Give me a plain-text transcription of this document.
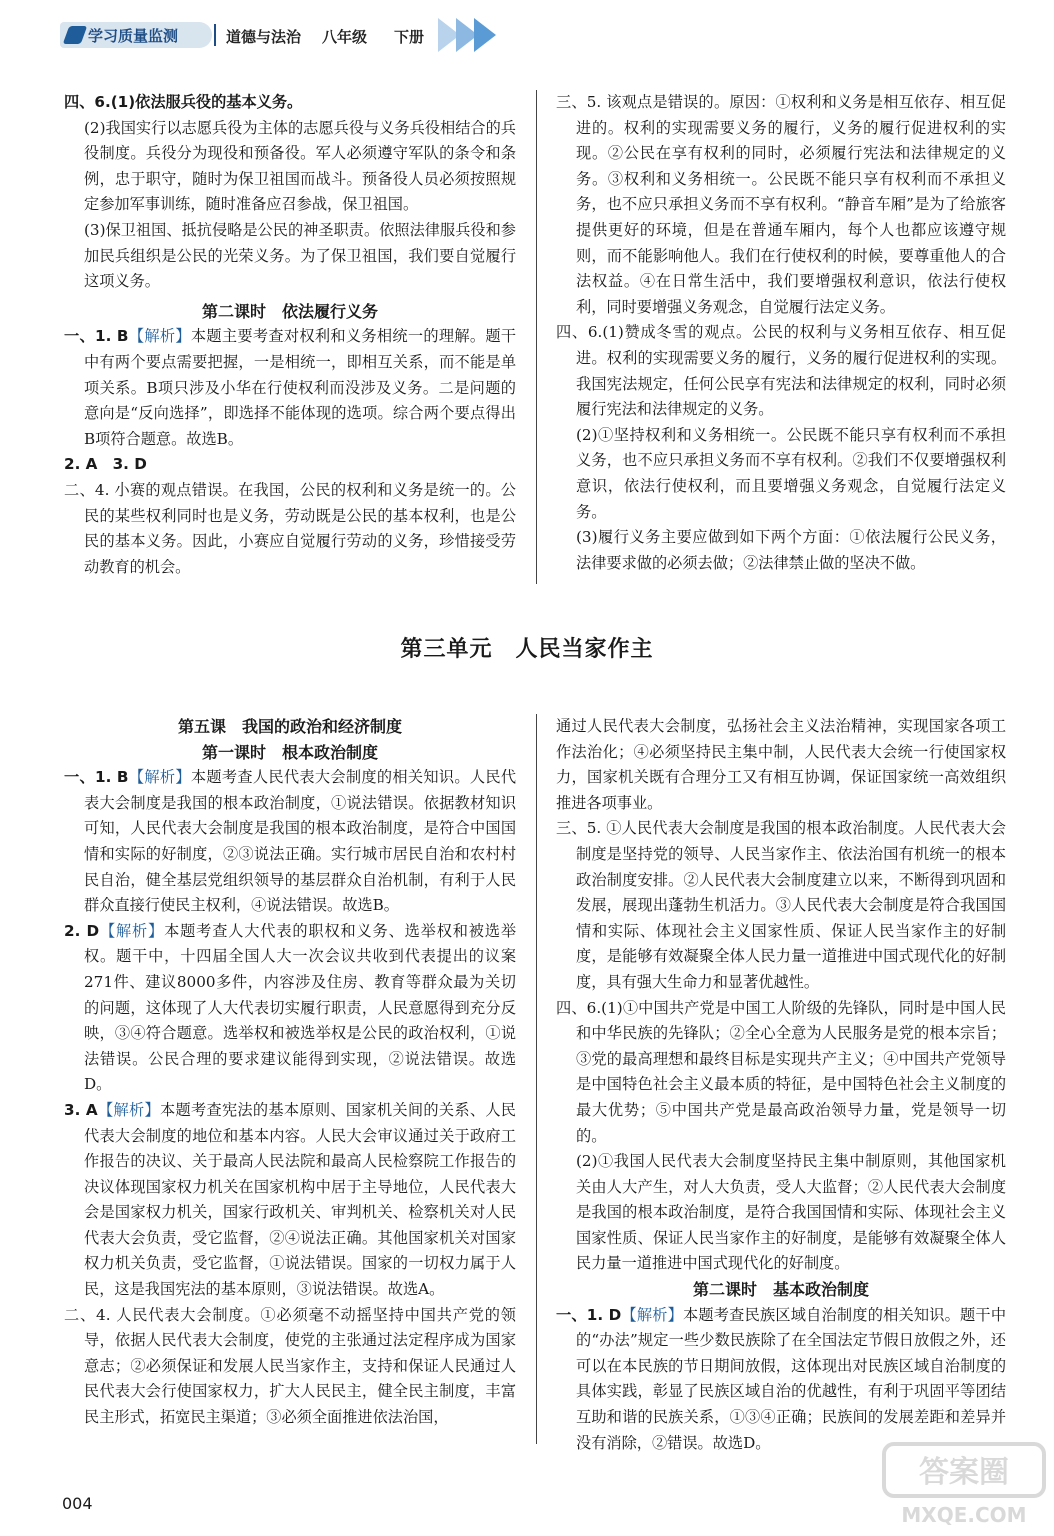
学习质量监测	道德与法治 八年级 下册

四、6.(1)依法服兵役的基本义务。

(2)我国实行以志愿兵役为主体的志愿兵役与义务兵役相结合的兵役制度。兵役分为现役和预备役。军人必须遵守军队的条令和条例，忠于职守，随时为保卫祖国而战斗。预备役人员必须按照规定参加军事训练，随时准备应召参战，保卫祖国。

(3)保卫祖国、抵抗侵略是公民的神圣职责。依照法律服兵役和参加民兵组织是公民的光荣义务。为了保卫祖国，我们要自觉履行这项义务。

第二课时　依法履行义务

一、1. B【解析】本题主要考查对权利和义务相统一的理解。题干中有两个要点需要把握，一是相统一，即相互关系，而不能是单项关系。B项只涉及小华在行使权利而没涉及义务。二是问题的意向是“反向选择”，即选择不能体现的选项。综合两个要点得出B项符合题意。故选B。

2. A　3. D

二、4. 小赛的观点错误。在我国，公民的权利和义务是统一的。公民的某些权利同时也是义务，劳动既是公民的基本权利，也是公民的基本义务。因此，小赛应自觉履行劳动的义务，珍惜接受劳动教育的机会。

三、5. 该观点是错误的。原因：①权利和义务是相互依存、相互促进的。权利的实现需要义务的履行，义务的履行促进权利的实现。②公民在享有权利的同时，必须履行宪法和法律规定的义务。③权利和义务相统一。公民既不能只享有权利而不承担义务，也不应只承担义务而不享有权利。“静音车厢”是为了给旅客提供更好的环境，但是在普通车厢内，每个人也都应该遵守规则，而不能影响他人。我们在行使权利的时候，要尊重他人的合法权益。④在日常生活中，我们要增强权利意识，依法行使权利，同时要增强义务观念，自觉履行法定义务。

四、6.(1)赞成冬雪的观点。公民的权利与义务相互依存、相互促进。权利的实现需要义务的履行，义务的履行促进权利的实现。我国宪法规定，任何公民享有宪法和法律规定的权利，同时必须履行宪法和法律规定的义务。

(2)①坚持权利和义务相统一。公民既不能只享有权利而不承担义务，也不应只承担义务而不享有权利。②我们不仅要增强权利意识，依法行使权利，而且要增强义务观念，自觉履行法定义务。

(3)履行义务主要应做到如下两个方面：①依法履行公民义务，法律要求做的必须去做；②法律禁止做的坚决不做。

第三单元　人民当家作主

第五课　我国的政治和经济制度

第一课时　根本政治制度

一、1. B【解析】本题考查人民代表大会制度的相关知识。人民代表大会制度是我国的根本政治制度，①说法错误。依据教材知识可知，人民代表大会制度是我国的根本政治制度，是符合中国国情和实际的好制度，②③说法正确。实行城市居民自治和农村村民自治，健全基层党组织领导的基层群众自治机制，有利于人民群众直接行使民主权利，④说法错误。故选B。

2. D【解析】本题考查人大代表的职权和义务、选举权和被选举权。题干中，十四届全国人大一次会议共收到代表提出的议案271件、建议8000多件，内容涉及住房、教育等群众最为关切的问题，这体现了人大代表切实履行职责，人民意愿得到充分反映，③④符合题意。选举权和被选举权是公民的政治权利，①说法错误。公民合理的要求建议能得到实现，②说法错误。故选D。

3. A【解析】本题考查宪法的基本原则、国家机关间的关系、人民代表大会制度的地位和基本内容。人民大会审议通过关于政府工作报告的决议、关于最高人民法院和最高人民检察院工作报告的决议体现国家权力机关在国家机构中居于主导地位，人民代表大会是国家权力机关，国家行政机关、审判机关、检察机关对人民代表大会负责，受它监督，②④说法正确。其他国家机关对国家权力机关负责，受它监督，①说法错误。国家的一切权力属于人民，这是我国宪法的基本原则，③说法错误。故选A。

二、4. 人民代表大会制度。①必须毫不动摇坚持中国共产党的领导，依据人民代表大会制度，使党的主张通过法定程序成为国家意志；②必须保证和发展人民当家作主，支持和保证人民通过人民代表大会行使国家权力，扩大人民民主，健全民主制度，丰富民主形式，拓宽民主渠道；③必须全面推进依法治国，

通过人民代表大会制度，弘扬社会主义法治精神，实现国家各项工作法治化；④必须坚持民主集中制，人民代表大会统一行使国家权力，国家机关既有合理分工又有相互协调，保证国家统一高效组织推进各项事业。

三、5. ①人民代表大会制度是我国的根本政治制度。人民代表大会制度是坚持党的领导、人民当家作主、依法治国有机统一的根本政治制度安排。②人民代表大会制度建立以来，不断得到巩固和发展，展现出蓬勃生机活力。③人民代表大会制度是符合我国国情和实际、体现社会主义国家性质、保证人民当家作主的好制度，是能够有效凝聚全体人民力量一道推进中国式现代化的好制度，具有强大生命力和显著优越性。

四、6.(1)①中国共产党是中国工人阶级的先锋队，同时是中国人民和中华民族的先锋队；②全心全意为人民服务是党的根本宗旨；③党的最高理想和最终目标是实现共产主义；④中国共产党领导是中国特色社会主义最本质的特征，是中国特色社会主义制度的最大优势；⑤中国共产党是最高政治领导力量，党是领导一切的。

(2)①我国人民代表大会制度坚持民主集中制原则，其他国家机关由人大产生，对人大负责，受人大监督；②人民代表大会制度是我国的根本政治制度，是符合我国国情和实际、体现社会主义国家性质、保证人民当家作主的好制度，是能够有效凝聚全体人民力量一道推进中国式现代化的好制度。

第二课时　基本政治制度

一、1. D【解析】本题考查民族区域自治制度的相关知识。题干中的“办法”规定一些少数民族除了在全国法定节假日放假之外，还可以在本民族的节日期间放假，这体现出对民族区域自治制度的具体实践，彰显了民族区域自治的优越性，有利于巩固平等团结互助和谐的民族关系，①③④正确；民族间的发展差距和差异并没有消除，②错误。故选D。

004
答案圈
MXQE.COM
